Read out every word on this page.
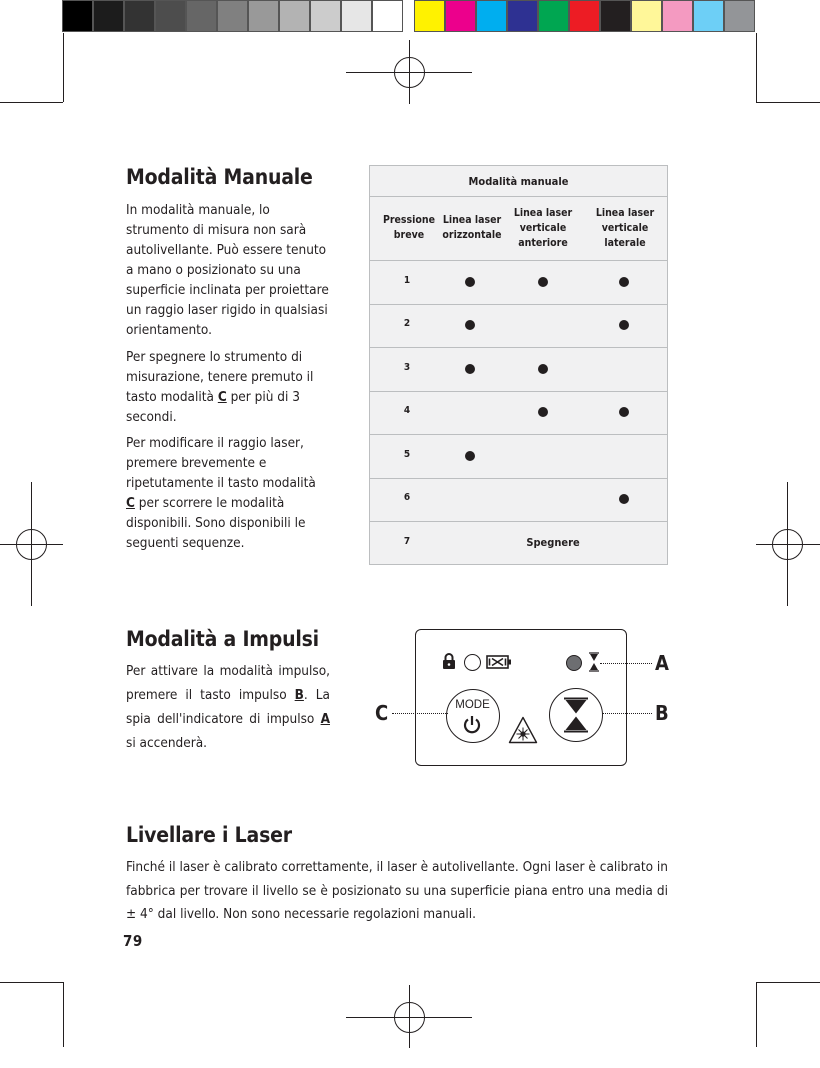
Modalità Manuale

In modalità manuale, lo strumento di misura non sarà autolivellante. Può essere tenuto a mano o posizionato su una superficie inclinata per proiettare un raggio laser rigido in qualsiasi orientamento.

Per spegnere lo strumento di misurazione, tenere premuto il tasto modalità C per più di 3 secondi.

Per modificare il raggio laser, premere brevemente e ripetutamente il tasto modalità C per scorrere le modalità disponibili. Sono disponibili le seguenti sequenze.

Modalità manuale
Pressione breve
Linea laser orizzontale
Linea laser verticale anteriore
Linea laser verticale laterale
1
2
3
4
5
6
7	Spegnere
Modalità a Impulsi

Per attivare la modalità impulso, premere il tasto impulso B. La spia dell'indicatore di impulso A si accenderà.

MODE
A
B
C
Livellare i Laser

Finché il laser è calibrato correttamente, il laser è autolivellante. Ogni laser è calibrato in fabbrica per trovare il livello se è posizionato su una superficie piana entro una media di ± 4° dal livello. Non sono necessarie regolazioni manuali.

79
